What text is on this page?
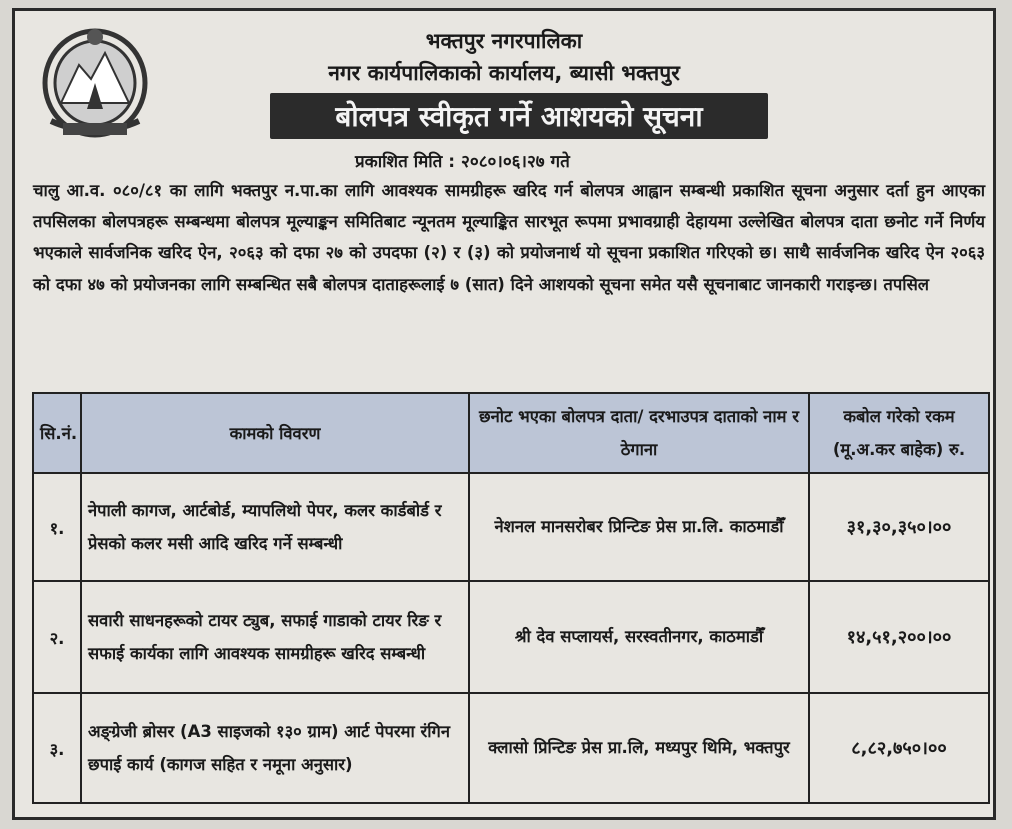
भक्तपुर नगरपालिका
नगर कार्यपालिकाको कार्यालय, ब्यासी भक्तपुर
बोलपत्र स्वीकृत गर्ने आशयको सूचना
प्रकाशित मिति : २०८०।०६।२७ गते
चालु आ.व. ०८०/८१ का लागि भक्तपुर न.पा.का लागि आवश्यक सामग्रीहरू खरिद गर्न बोलपत्र आह्वान सम्बन्धी प्रकाशित सूचना अनुसार दर्ता हुन आएका तपसिलका बोलपत्रहरू सम्बन्धमा बोलपत्र मूल्याङ्कन समितिबाट न्यूनतम मूल्याङ्कित सारभूत रूपमा प्रभावग्राही देहायमा उल्लेखित बोलपत्र दाता छनोट गर्ने निर्णय भएकाले सार्वजनिक खरिद ऐन, २०६३ को दफा २७ को उपदफा (२) र (३) को प्रयोजनार्थ यो सूचना प्रकाशित गरिएको छ। साथै सार्वजनिक खरिद ऐन २०६३ को दफा ४७ को प्रयोजनका लागि सम्बन्धित सबै बोलपत्र दाताहरूलाई ७ (सात) दिने आशयको सूचना समेत यसै सूचनाबाट जानकारी गराइन्छ। तपसिल
सि.नं.	कामको विवरण	छनोट भएका बोलपत्र दाता/ दरभाउपत्र दाताको नाम र ठेगाना	कबोल गरेको रकम (मू.अ.कर बाहेक) रु.
१.	नेपाली कागज, आर्टबोर्ड, म्यापलिथो पेपर, कलर कार्डबोर्ड र प्रेसको कलर मसी आदि खरिद गर्ने सम्बन्धी	नेशनल मानसरोबर प्रिन्टिङ प्रेस प्रा.लि. काठमाडौँ	३१,३०,३५०।००
२.	सवारी साधनहरूको टायर ट्युब, सफाई गाडाको टायर रिङ र सफाई कार्यका लागि आवश्यक सामग्रीहरू खरिद सम्बन्धी	श्री देव सप्लायर्स, सरस्वतीनगर, काठमाडौँ	१४,५१,२००।००
३.	अङ्ग्रेजी ब्रोसर (A3 साइजको १३० ग्राम) आर्ट पेपरमा रंगिन छपाई कार्य (कागज सहित र नमूना अनुसार)	क्लासो प्रिन्टिङ प्रेस प्रा.लि, मध्यपुर थिमि, भक्तपुर	८,८२,७५०।००
